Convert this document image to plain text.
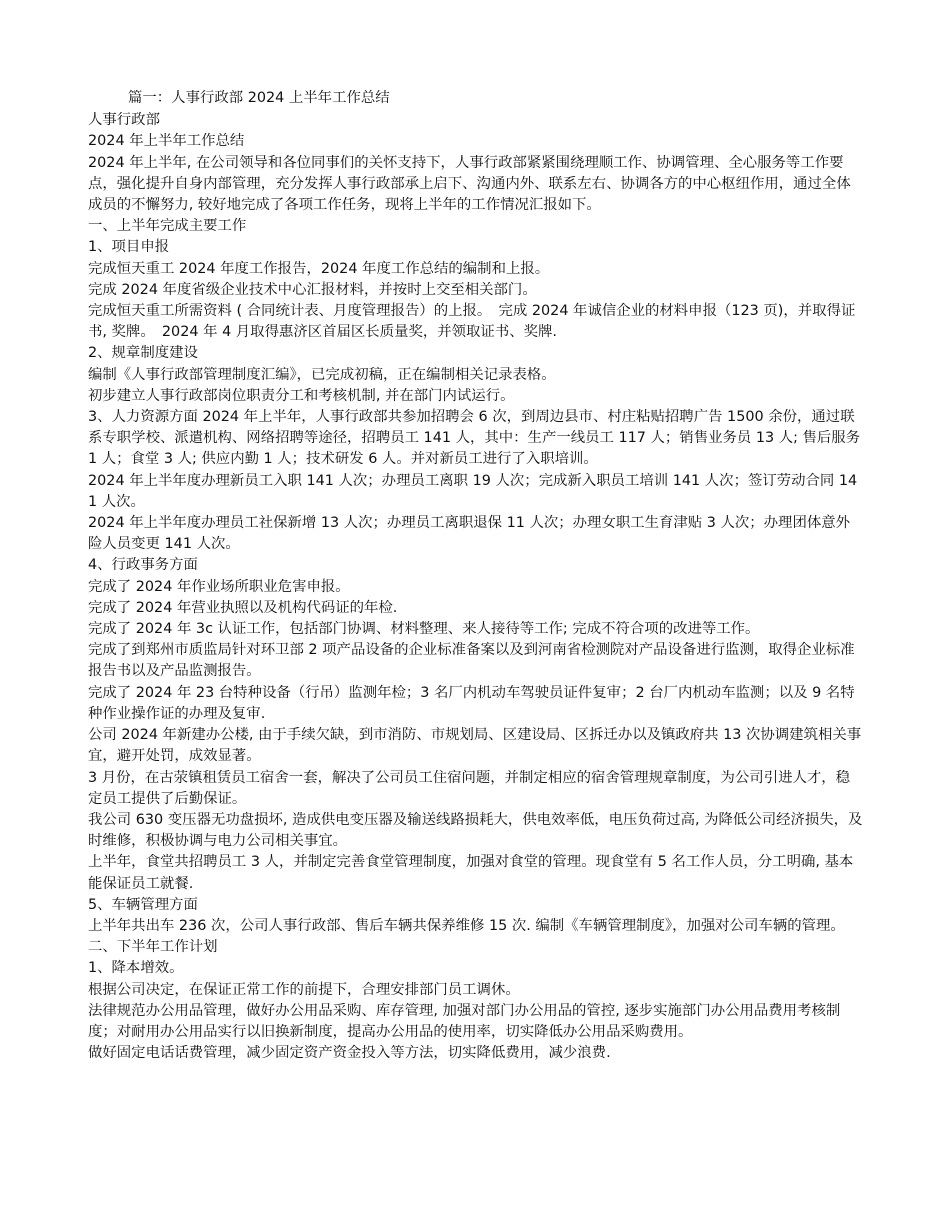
篇一：人事行政部 2024 上半年工作总结
人事行政部
2024 年上半年工作总结
2024 年上半年, 在公司领导和各位同事们的关怀支持下，人事行政部紧紧围绕理顺工作、协调管理、全心服务等工作要点，强化提升自身内部管理，充分发挥人事行政部承上启下、沟通内外、联系左右、协调各方的中心枢纽作用，通过全体成员的不懈努力, 较好地完成了各项工作任务，现将上半年的工作情况汇报如下。
一、上半年完成主要工作
1、项目申报
完成恒天重工 2024 年度工作报告，2024 年度工作总结的编制和上报。
完成 2024 年度省级企业技术中心汇报材料，并按时上交至相关部门。
完成恒天重工所需资料 ( 合同统计表、月度管理报告）的上报。　完成 2024 年诚信企业的材料申报（123 页)，并取得证书, 奖牌。　2024 年 4 月取得惠济区首届区长质量奖，并领取证书、奖牌.
2、规章制度建设
编制《人事行政部管理制度汇编》，已完成初稿，正在编制相关记录表格。
初步建立人事行政部岗位职责分工和考核机制, 并在部门内试运行。
3、人力资源方面 2024 年上半年，人事行政部共参加招聘会 6 次，到周边县市、村庄粘贴招聘广告 1500 余份，通过联系专职学校、派遣机构、网络招聘等途径，招聘员工 141 人，其中：生产一线员工 117 人；销售业务员 13 人; 售后服务 1 人；食堂 3 人; 供应内勤 1 人；技术研发 6 人。并对新员工进行了入职培训。
2024 年上半年度办理新员工入职 141 人次；办理员工离职 19 人次；完成新入职员工培训 141 人次；签订劳动合同 141 人次。
2024 年上半年度办理员工社保新增 13 人次；办理员工离职退保 11 人次；办理女职工生育津贴 3 人次；办理团体意外险人员变更 141 人次。
4、行政事务方面
完成了 2024 年作业场所职业危害申报。
完成了 2024 年营业执照以及机构代码证的年检.
完成了 2024 年 3c 认证工作，包括部门协调、材料整理、来人接待等工作; 完成不符合项的改进等工作。
完成了到郑州市质监局针对环卫部 2 项产品设备的企业标准备案以及到河南省检测院对产品设备进行监测，取得企业标准报告书以及产品监测报告。
完成了 2024 年 23 台特种设备（行吊）监测年检；3 名厂内机动车驾驶员证件复审；2 台厂内机动车监测；以及 9 名特种作业操作证的办理及复审.
公司 2024 年新建办公楼, 由于手续欠缺，到市消防、市规划局、区建设局、区拆迁办以及镇政府共 13 次协调建筑相关事宜，避开处罚，成效显著。
3 月份，在古荥镇租赁员工宿舍一套，解决了公司员工住宿问题，并制定相应的宿舍管理规章制度，为公司引进人才，稳定员工提供了后勤保证。
我公司 630 变压器无功盘损坏, 造成供电变压器及输送线路损耗大，供电效率低，电压负荷过高, 为降低公司经济损失，及时维修，积极协调与电力公司相关事宜。
上半年，食堂共招聘员工 3 人，并制定完善食堂管理制度，加强对食堂的管理。现食堂有 5 名工作人员，分工明确, 基本能保证员工就餐.
5、车辆管理方面
上半年共出车 236 次，公司人事行政部、售后车辆共保养维修 15 次. 编制《车辆管理制度》，加强对公司车辆的管理。
二、下半年工作计划
1、降本增效。
根据公司决定，在保证正常工作的前提下，合理安排部门员工调休。
法律规范办公用品管理，做好办公用品采购、库存管理, 加强对部门办公用品的管控, 逐步实施部门办公用品费用考核制度；对耐用办公用品实行以旧换新制度，提高办公用品的使用率，切实降低办公用品采购费用。
做好固定电话话费管理，减少固定资产资金投入等方法，切实降低费用，减少浪费.
